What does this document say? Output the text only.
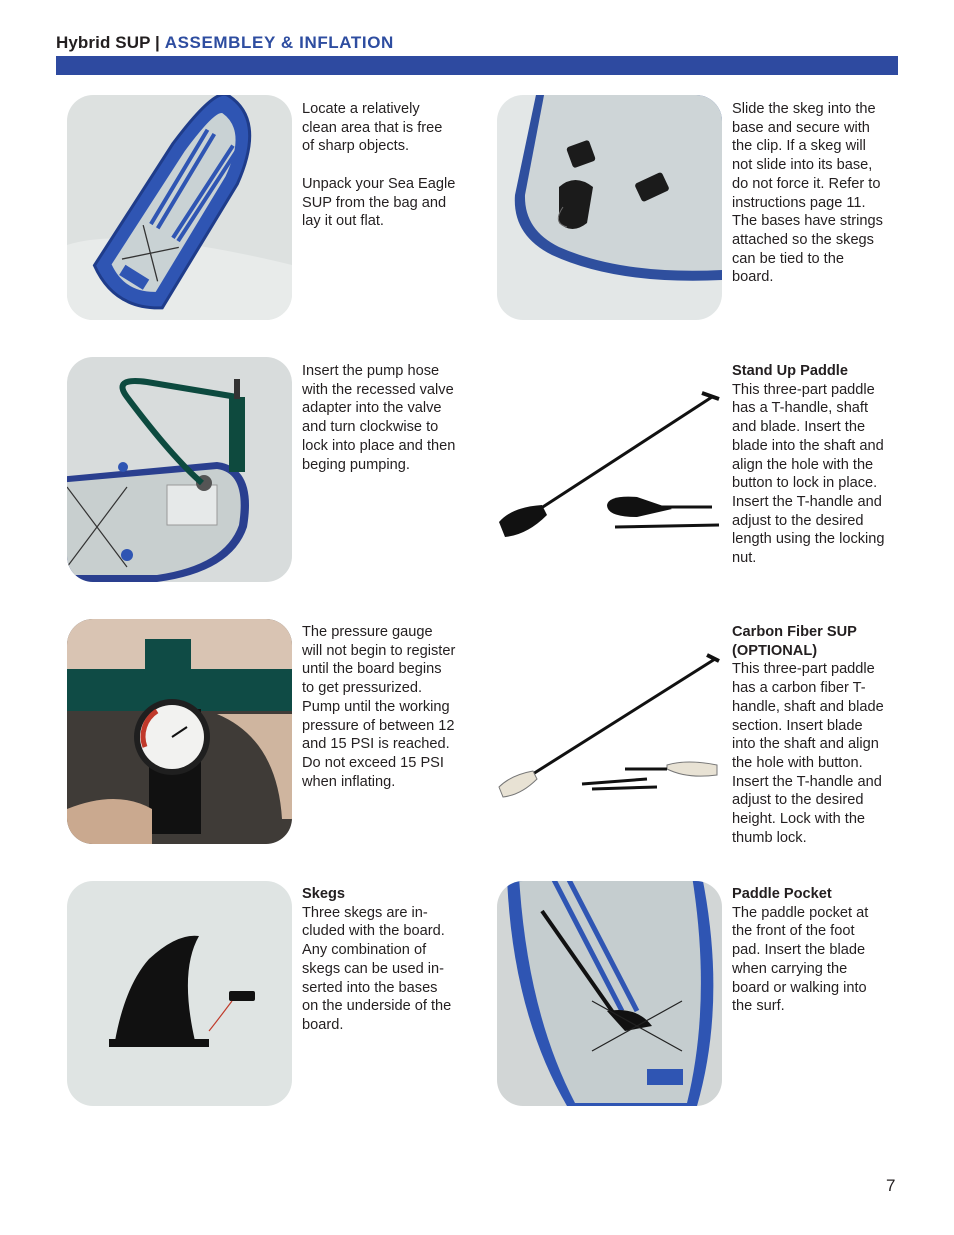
Hybrid SUP | ASSEMBLEY & INFLATION

Locate a relatively
clean area that is free
of sharp objects.

Unpack your Sea Eagle
SUP from the bag and
lay it out flat.

Slide the skeg into the
base and secure with
the clip. If a skeg will
not slide into its base,
do not force it. Refer to
instructions page 11.
The bases have strings
attached so the skegs
can be tied to the
board.

Insert the pump hose
with the recessed valve
adapter into the valve
and turn clockwise to
lock into place and then
beging pumping.

Stand Up Paddle

This three-part paddle
has a T-handle, shaft
and blade. Insert the
blade into the shaft and
align the hole with the
button to lock in place.
Insert the T-handle and
adjust to the desired
length using the locking
nut.

The pressure gauge
will not begin to register
until the board begins
to get pressurized.
Pump until the working
pressure of between 12
and 15 PSI is reached.
Do not exceed 15 PSI
when inflating.

Carbon Fiber SUP
(OPTIONAL)

This three-part paddle
has a carbon fiber T-
handle, shaft and blade
section. Insert blade
into the shaft and align
the hole with button.
Insert the T-handle and
adjust to the desired
height. Lock with the
thumb lock.

Skegs

Three skegs are in-
cluded with the board.
Any combination of
skegs can be used in-
serted into the bases
on the underside of the
board.

Paddle Pocket

The paddle pocket at
the front of the foot
pad. Insert the blade
when carrying the
board or walking into
the surf.

7
